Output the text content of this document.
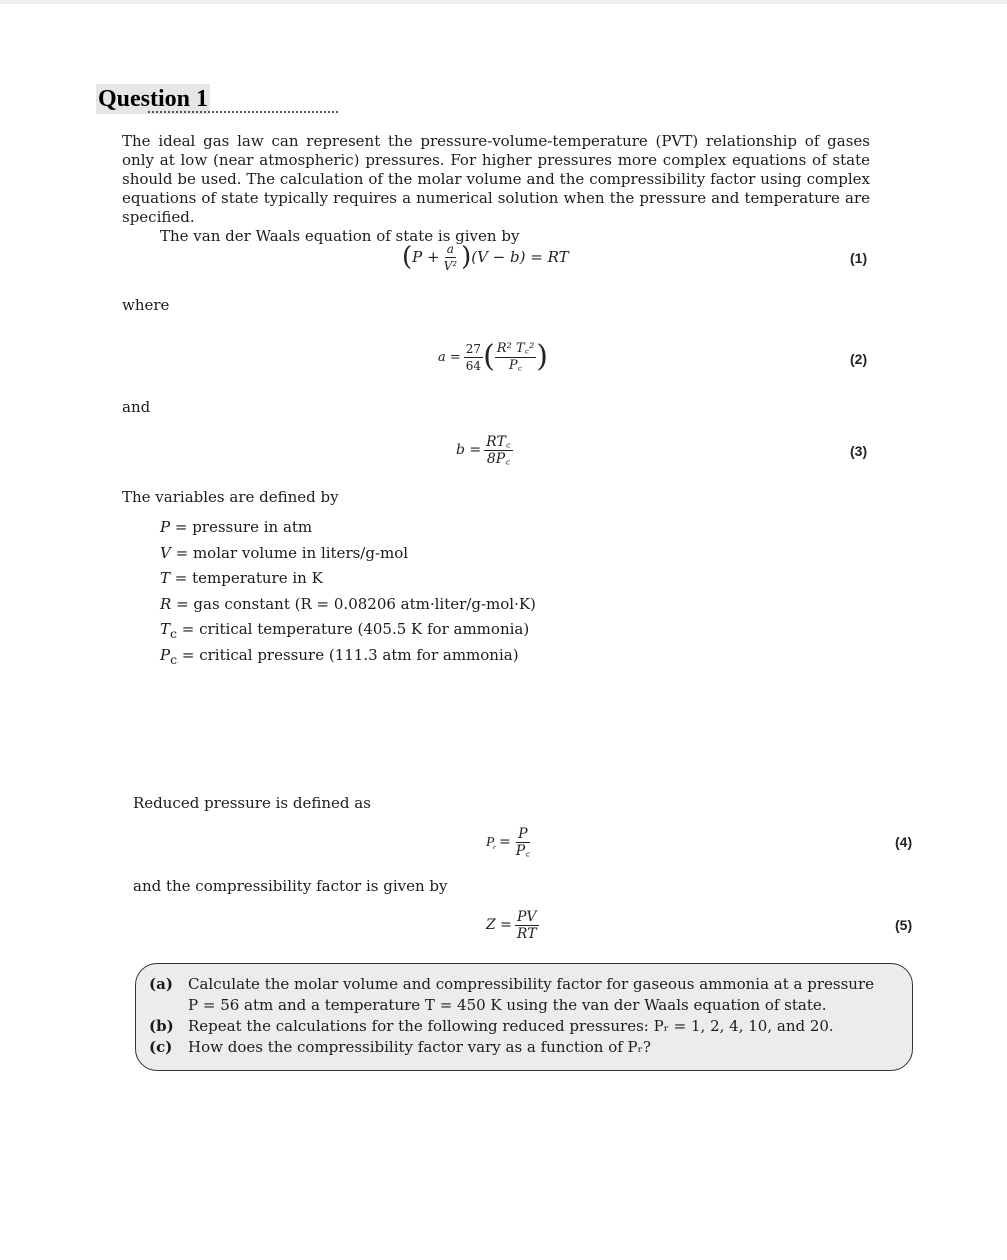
Question 1

The ideal gas law can represent the pressure-volume-temperature (PVT) relationship of gases only at low (near atmospheric) pressures. For higher pressures more complex equations of state should be used. The calculation of the molar volume and the compressibility factor using complex equations of state typically requires a numerical solution when the pressure and temperature are specified.

The van der Waals equation of state is given by

( $P + \frac{a}{\text{V²}}$ ) (V − b) = RT	(1)
where
$a = \frac{27}{64}$ ( $\frac{\text{R² T꜀²}}{P꜀}$ )	(2)
and
$b = \frac{RT꜀}{8P꜀}$	(3)
The variables are defined by
P = pressure in atm
V = molar volume in liters/g-mol
T = temperature in K
R = gas constant (R = 0.08206 atm·liter/g-mol·K)
$T_c$ = critical temperature (405.5 K for ammonia)
$P_c$ = critical pressure (111.3 atm for ammonia)
Reduced pressure is defined as
P᷊ = $\frac{P}{P꜀}$	(4)
and the compressibility factor is given by
$Z = \frac{PV}{RT}$	(5)
(a) Calculate the molar volume and compressibility factor for gaseous ammonia at a pressure
P = 56 atm and a temperature T = 450 K using the van der Waals equation of state.
(b) Repeat the calculations for the following reduced pressures: Pᵣ = 1, 2, 4, 10, and 20.
(c) How does the compressibility factor vary as a function of Pᵣ?
